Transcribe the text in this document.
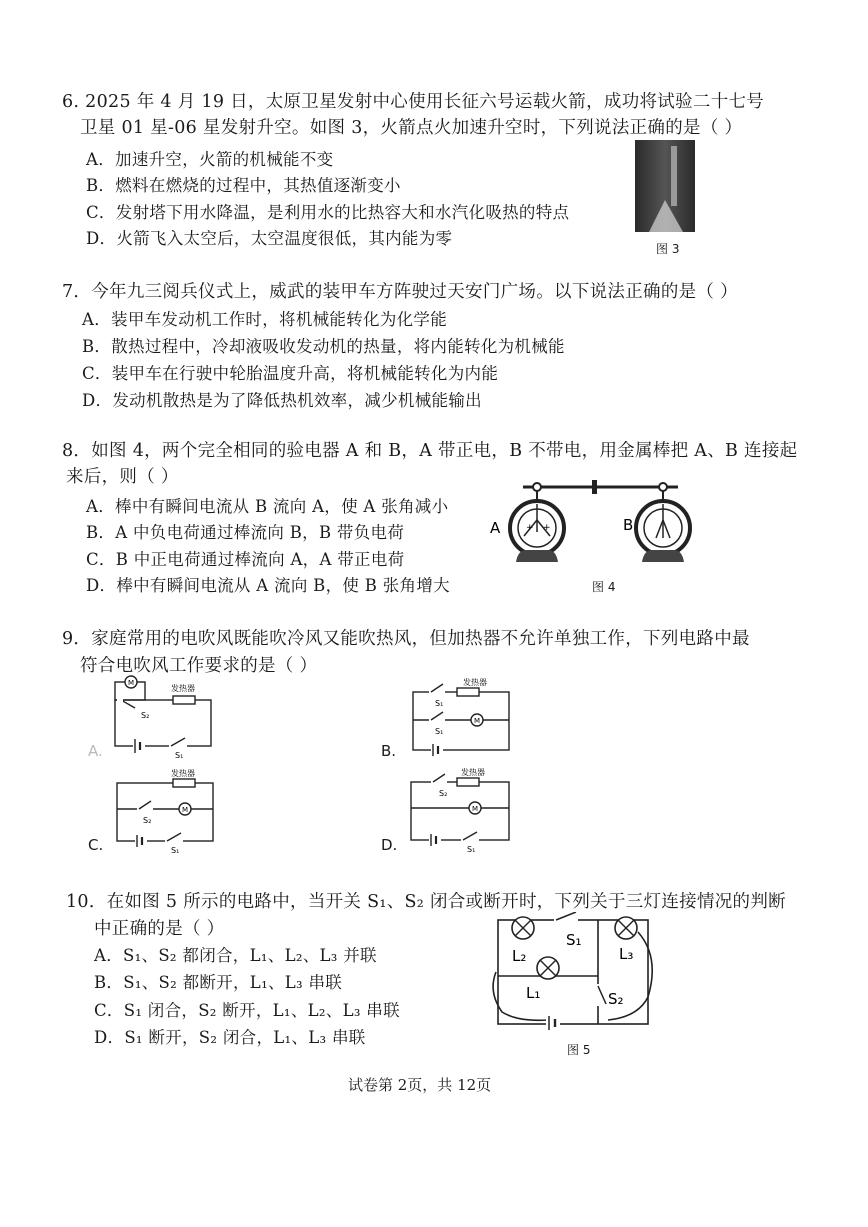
6. 2025 年 4 月 19 日，太原卫星发射中心使用长征六号运载火箭，成功将试验二十七号
卫星 01 星-06 星发射升空。如图 3，火箭点火加速升空时，下列说法正确的是（ ）
A．加速升空，火箭的机械能不变
B．燃料在燃烧的过程中，其热值逐渐变小
C．发射塔下用水降温，是利用水的比热容大和水汽化吸热的特点
D．火箭飞入太空后，太空温度很低，其内能为零
图 3
7．今年九三阅兵仪式上，威武的装甲车方阵驶过天安门广场。以下说法正确的是（ ）
A．装甲车发动机工作时，将机械能转化为化学能
B．散热过程中，冷却液吸收发动机的热量，将内能转化为机械能
C．装甲车在行驶中轮胎温度升高，将机械能转化为内能
D．发动机散热是为了降低热机效率，减少机械能输出
8．如图 4，两个完全相同的验电器 A 和 B，A 带正电，B 不带电，用金属棒把 A、B 连接起
来后，则（ ）
A．棒中有瞬间电流从 B 流向 A，使 A 张角减小
B．A 中负电荷通过棒流向 B，B 带负电荷
C．B 中正电荷通过棒流向 A，A 带正电荷
D．棒中有瞬间电流从 A 流向 B，使 B 张角增大
+ +
A	B
图 4
9．家庭常用的电吹风既能吹冷风又能吹热风，但加热器不允许单独工作，下列电路中最
符合电吹风工作要求的是（ ）
M
发热器
S₂
S₁
发热器
S₁
S₁
M
发热器
S₂
M
S₁
发热器
S₂
M
S₁
A.	B.
C.	D.
10．在如图 5 所示的电路中，当开关 S₁、S₂ 闭合或断开时，下列关于三灯连接情况的判断
中正确的是（ ）
A．S₁、S₂ 都闭合，L₁、L₂、L₃ 并联
B．S₁、S₂ 都断开，L₁、L₃ 串联
C．S₁ 闭合，S₂ 断开，L₁、L₂、L₃ 串联
D．S₁ 断开，S₂ 闭合，L₁、L₃ 串联
S₁
L₂	L₃
L₁	S₂
图 5
试卷第 2页，共 12页
